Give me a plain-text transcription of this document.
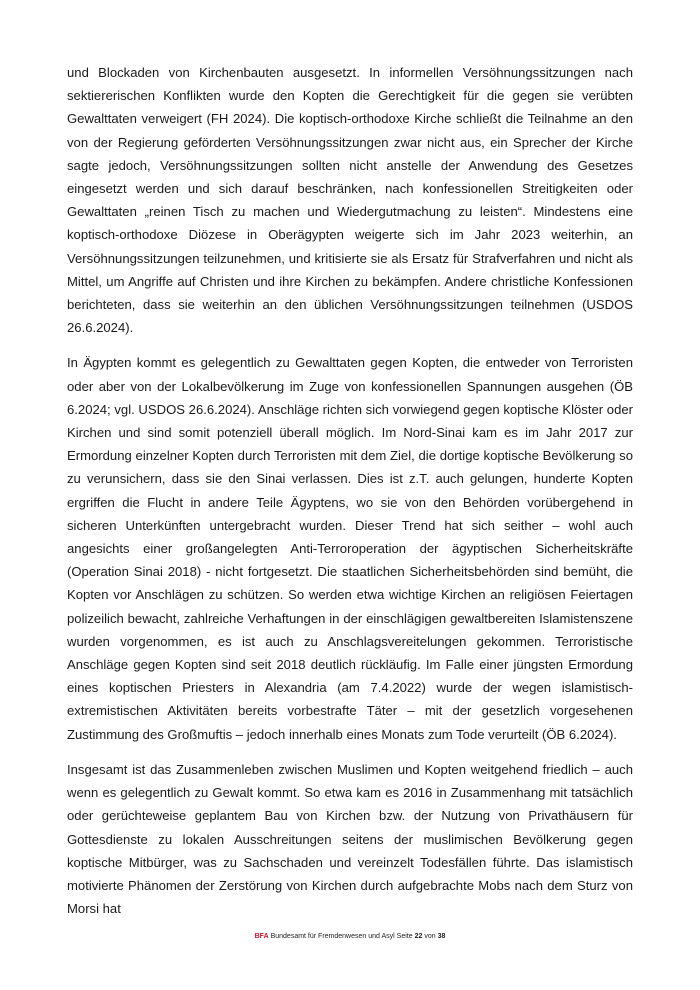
und Blockaden von Kirchenbauten ausgesetzt. In informellen Versöhnungssitzungen nach sektiererischen Konflikten wurde den Kopten die Gerechtigkeit für die gegen sie verübten Gewalttaten verweigert (FH 2024). Die koptisch-orthodoxe Kirche schließt die Teilnahme an den von der Regierung geförderten Versöhnungssitzungen zwar nicht aus, ein Sprecher der Kirche sagte jedoch, Versöhnungssitzungen sollten nicht anstelle der Anwendung des Gesetzes eingesetzt werden und sich darauf beschränken, nach konfessionellen Streitigkeiten oder Gewalttaten „reinen Tisch zu machen und Wiedergutmachung zu leisten“. Mindestens eine koptisch-orthodoxe Diözese in Oberägypten weigerte sich im Jahr 2023 weiterhin, an Versöhnungssitzungen teilzunehmen, und kritisierte sie als Ersatz für Strafverfahren und nicht als Mittel, um Angriffe auf Christen und ihre Kirchen zu bekämpfen. Andere christliche Konfessionen berichteten, dass sie weiterhin an den üblichen Versöhnungssitzungen teilnehmen (USDOS 26.6.2024).

In Ägypten kommt es gelegentlich zu Gewalttaten gegen Kopten, die entweder von Terroristen oder aber von der Lokalbevölkerung im Zuge von konfessionellen Spannungen ausgehen (ÖB 6.2024; vgl. USDOS 26.6.2024). Anschläge richten sich vorwiegend gegen koptische Klöster oder Kirchen und sind somit potenziell überall möglich. Im Nord-Sinai kam es im Jahr 2017 zur Ermordung einzelner Kopten durch Terroristen mit dem Ziel, die dortige koptische Bevölkerung so zu verunsichern, dass sie den Sinai verlassen. Dies ist z.T. auch gelungen, hunderte Kopten ergriffen die Flucht in andere Teile Ägyptens, wo sie von den Behörden vorübergehend in sicheren Unterkünften untergebracht wurden. Dieser Trend hat sich seither – wohl auch angesichts einer großangelegten Anti-Terroroperation der ägyptischen Sicherheitskräfte (Operation Sinai 2018) - nicht fortgesetzt. Die staatlichen Sicherheitsbehörden sind bemüht, die Kopten vor Anschlägen zu schützen. So werden etwa wichtige Kirchen an religiösen Feiertagen polizeilich bewacht, zahlreiche Verhaftungen in der einschlägigen gewaltbereiten Islamistenszene wurden vorgenommen, es ist auch zu Anschlagsvereitelungen gekommen. Terroristische Anschläge gegen Kopten sind seit 2018 deutlich rückläufig. Im Falle einer jüngsten Ermordung eines koptischen Priesters in Alexandria (am 7.4.2022) wurde der wegen islamistisch-extremistischen Aktivitäten bereits vorbestrafte Täter – mit der gesetzlich vorgesehenen Zustimmung des Großmuftis – jedoch innerhalb eines Monats zum Tode verurteilt (ÖB 6.2024).

Insgesamt ist das Zusammenleben zwischen Muslimen und Kopten weitgehend friedlich – auch wenn es gelegentlich zu Gewalt kommt. So etwa kam es 2016 in Zusammenhang mit tatsächlich oder gerüchteweise geplantem Bau von Kirchen bzw. der Nutzung von Privathäusern für Gottesdienste zu lokalen Ausschreitungen seitens der muslimischen Bevölkerung gegen koptische Mitbürger, was zu Sachschaden und vereinzelt Todesfällen führte. Das islamistisch motivierte Phänomen der Zerstörung von Kirchen durch aufgebrachte Mobs nach dem Sturz von Morsi hat

BFA Bundesamt für Fremdenwesen und Asyl Seite 22 von 38
